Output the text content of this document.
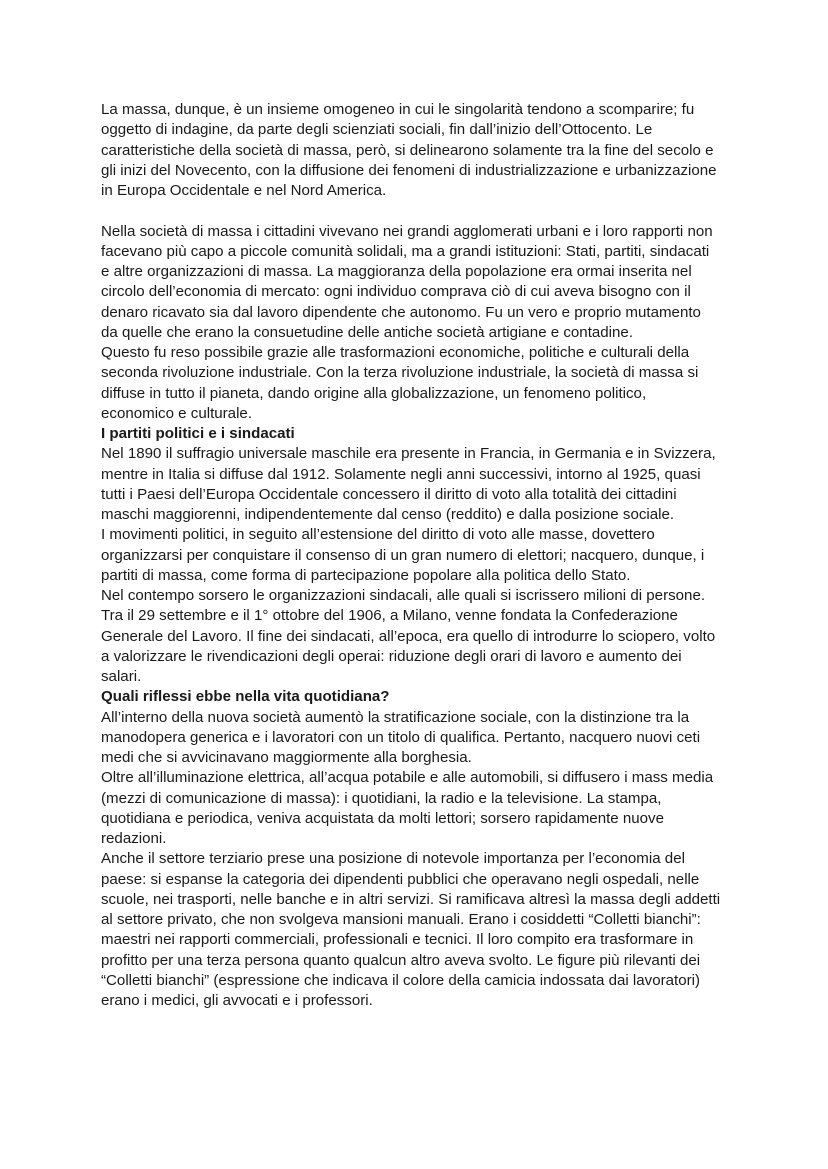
La massa, dunque, è un insieme omogeneo in cui le singolarità tendono a scomparire; fu
oggetto di indagine, da parte degli scienziati sociali, fin dall’inizio dell’Ottocento. Le
caratteristiche della società di massa, però, si delinearono solamente tra la fine del secolo e
gli inizi del Novecento, con la diffusione dei fenomeni di industrializzazione e urbanizzazione
in Europa Occidentale e nel Nord America.

Nella società di massa i cittadini vivevano nei grandi agglomerati urbani e i loro rapporti non
facevano più capo a piccole comunità solidali, ma a grandi istituzioni: Stati, partiti, sindacati
e altre organizzazioni di massa. La maggioranza della popolazione era ormai inserita nel
circolo dell’economia di mercato: ogni individuo comprava ciò di cui aveva bisogno con il
denaro ricavato sia dal lavoro dipendente che autonomo. Fu un vero e proprio mutamento
da quelle che erano la consuetudine delle antiche società artigiane e contadine.

Questo fu reso possibile grazie alle trasformazioni economiche, politiche e culturali della
seconda rivoluzione industriale. Con la terza rivoluzione industriale, la società di massa si
diffuse in tutto il pianeta, dando origine alla globalizzazione, un fenomeno politico,
economico e culturale.

I partiti politici e i sindacati

Nel 1890 il suffragio universale maschile era presente in Francia, in Germania e in Svizzera,
mentre in Italia si diffuse dal 1912. Solamente negli anni successivi, intorno al 1925, quasi
tutti i Paesi dell’Europa Occidentale concessero il diritto di voto alla totalità dei cittadini
maschi maggiorenni, indipendentemente dal censo (reddito) e dalla posizione sociale.

I movimenti politici, in seguito all’estensione del diritto di voto alle masse, dovettero
organizzarsi per conquistare il consenso di un gran numero di elettori; nacquero, dunque, i
partiti di massa, come forma di partecipazione popolare alla politica dello Stato.

Nel contempo sorsero le organizzazioni sindacali, alle quali si iscrissero milioni di persone.
Tra il 29 settembre e il 1° ottobre del 1906, a Milano, venne fondata la Confederazione
Generale del Lavoro. Il fine dei sindacati, all’epoca, era quello di introdurre lo sciopero, volto
a valorizzare le rivendicazioni degli operai: riduzione degli orari di lavoro e aumento dei
salari.

Quali riflessi ebbe nella vita quotidiana?

All’interno della nuova società aumentò la stratificazione sociale, con la distinzione tra la
manodopera generica e i lavoratori con un titolo di qualifica. Pertanto, nacquero nuovi ceti
medi che si avvicinavano maggiormente alla borghesia.

Oltre all’illuminazione elettrica, all’acqua potabile e alle automobili, si diffusero i mass media
(mezzi di comunicazione di massa): i quotidiani, la radio e la televisione. La stampa,
quotidiana e periodica, veniva acquistata da molti lettori; sorsero rapidamente nuove
redazioni.

Anche il settore terziario prese una posizione di notevole importanza per l’economia del
paese: si espanse la categoria dei dipendenti pubblici che operavano negli ospedali, nelle
scuole, nei trasporti, nelle banche e in altri servizi. Si ramificava altresì la massa degli addetti
al settore privato, che non svolgeva mansioni manuali. Erano i cosiddetti “Colletti bianchi”:
maestri nei rapporti commerciali, professionali e tecnici. Il loro compito era trasformare in
profitto per una terza persona quanto qualcun altro aveva svolto. Le figure più rilevanti dei
“Colletti bianchi” (espressione che indicava il colore della camicia indossata dai lavoratori)
erano i medici, gli avvocati e i professori.
